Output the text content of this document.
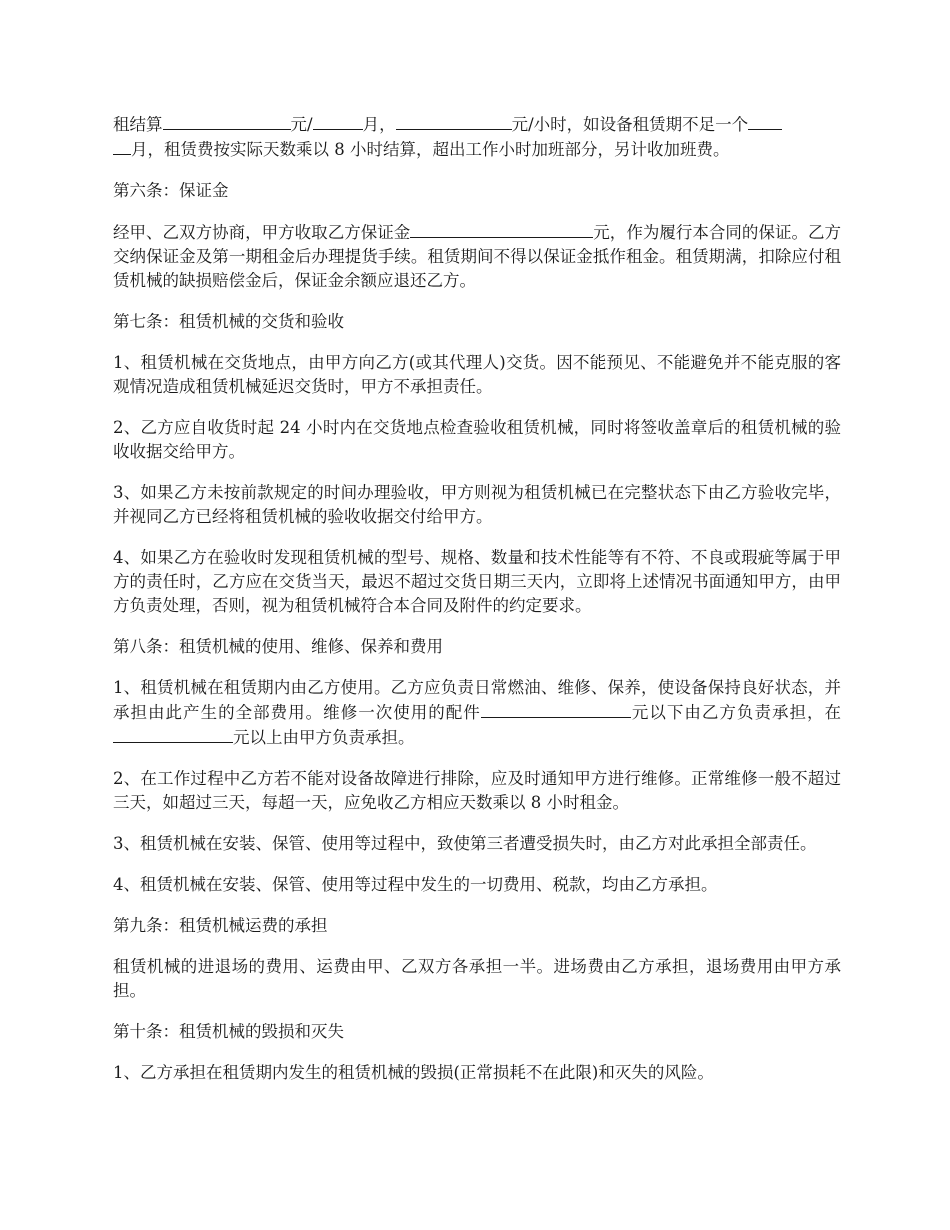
租结算	元/	月，	元/小时，如设备租赁期不足一个
月，租赁费按实际天数乘以 8 小时结算，超出工作小时加班部分，另计收加班费。

第六条：保证金

经甲、乙双方协商，甲方收取乙方保证金	元，作为履行本合同的保证。乙方交纳保证金及第一期租金后办理提货手续。租赁期间不得以保证金抵作租金。租赁期满，扣除应付租赁机械的缺损赔偿金后，保证金余额应退还乙方。

第七条：租赁机械的交货和验收

1、租赁机械在交货地点，由甲方向乙方(或其代理人)交货。因不能预见、不能避免并不能克服的客观情况造成租赁机械延迟交货时，甲方不承担责任。

2、乙方应自收货时起 24 小时内在交货地点检查验收租赁机械，同时将签收盖章后的租赁机械的验收收据交给甲方。

3、如果乙方未按前款规定的时间办理验收，甲方则视为租赁机械已在完整状态下由乙方验收完毕，并视同乙方已经将租赁机械的验收收据交付给甲方。

4、如果乙方在验收时发现租赁机械的型号、规格、数量和技术性能等有不符、不良或瑕疵等属于甲方的责任时，乙方应在交货当天，最迟不超过交货日期三天内，立即将上述情况书面通知甲方，由甲方负责处理，否则，视为租赁机械符合本合同及附件的约定要求。

第八条：租赁机械的使用、维修、保养和费用

1、租赁机械在租赁期内由乙方使用。乙方应负责日常燃油、维修、保养，使设备保持良好状态，并承担由此产生的全部费用。维修一次使用的配件	元以下由乙方负责承担，在元以上由甲方负责承担。

2、在工作过程中乙方若不能对设备故障进行排除，应及时通知甲方进行维修。正常维修一般不超过三天，如超过三天，每超一天，应免收乙方相应天数乘以 8 小时租金。

3、租赁机械在安装、保管、使用等过程中，致使第三者遭受损失时，由乙方对此承担全部责任。

4、租赁机械在安装、保管、使用等过程中发生的一切费用、税款，均由乙方承担。

第九条：租赁机械运费的承担

租赁机械的进退场的费用、运费由甲、乙双方各承担一半。进场费由乙方承担，退场费用由甲方承担。

第十条：租赁机械的毁损和灭失

1、乙方承担在租赁期内发生的租赁机械的毁损(正常损耗不在此限)和灭失的风险。
